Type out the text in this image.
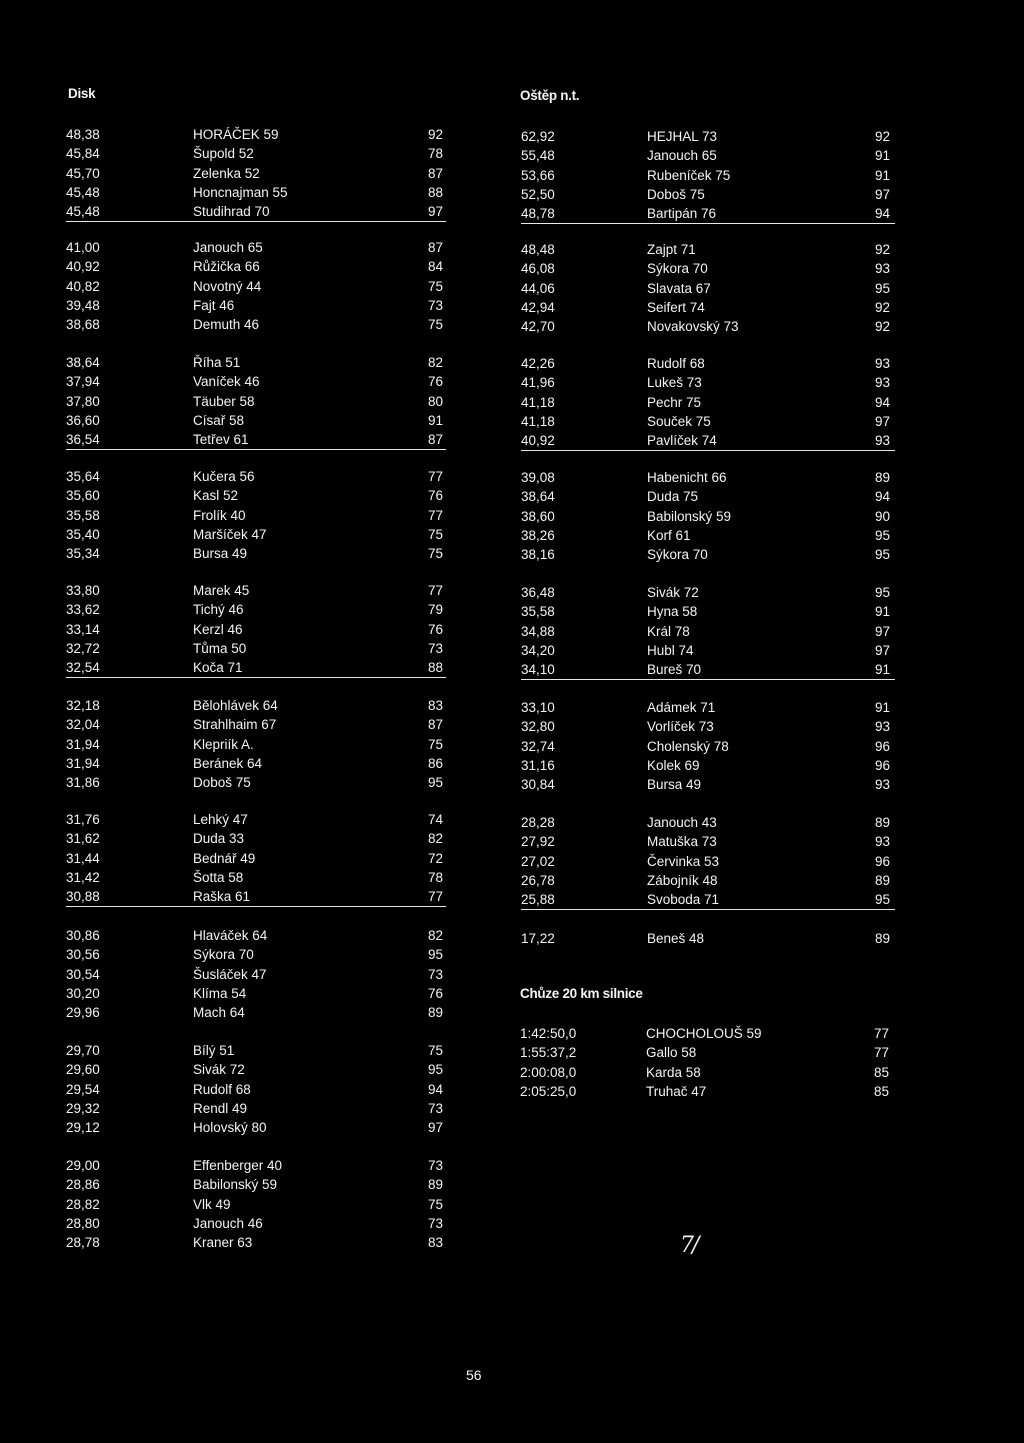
Disk	Oštěp n.t.
48,38	HORÁČEK 59	92
45,84	Šupold 52	78
45,70	Zelenka 52	87
45,48	Honcnajman 55	88
45,48	Studihrad 70	97
41,00	Janouch 65	87
40,92	Růžička 66	84
40,82	Novotný 44	75
39,48	Fajt 46	73
38,68	Demuth 46	75
38,64	Říha 51	82
37,94	Vaníček 46	76
37,80	Täuber 58	80
36,60	Císař 58	91
36,54	Tetřev 61	87
35,64	Kučera 56	77
35,60	Kasl 52	76
35,58	Frolík 40	77
35,40	Maršíček 47	75
35,34	Bursa 49	75
33,80	Marek 45	77
33,62	Tichý 46	79
33,14	Kerzl 46	76
32,72	Tůma 50	73
32,54	Koča 71	88
32,18	Bělohlávek 64	83
32,04	Strahlhaim 67	87
31,94	Klepriík A.	75
31,94	Beránek 64	86
31,86	Doboš 75	95
31,76	Lehký 47	74
31,62	Duda 33	82
31,44	Bednář 49	72
31,42	Šotta 58	78
30,88	Raška 61	77
30,86	Hlaváček 64	82
30,56	Sýkora 70	95
30,54	Šusláček 47	73
30,20	Klíma 54	76
29,96	Mach 64	89
29,70	Bílý 51	75
29,60	Sivák 72	95
29,54	Rudolf 68	94
29,32	Rendl 49	73
29,12	Holovský 80	97
29,00	Effenberger 40	73
28,86	Babilonský 59	89
28,82	Vlk 49	75
28,80	Janouch 46	73
28,78	Kraner 63	83
62,92	HEJHAL 73	92
55,48	Janouch 65	91
53,66	Rubeníček 75	91
52,50	Doboš 75	97
48,78	Bartipán 76	94
48,48	Zajpt 71	92
46,08	Sýkora 70	93
44,06	Slavata 67	95
42,94	Seifert 74	92
42,70	Novakovský 73	92
42,26	Rudolf 68	93
41,96	Lukeš 73	93
41,18	Pechr 75	94
41,18	Souček 75	97
40,92	Pavlíček 74	93
39,08	Habenicht 66	89
38,64	Duda 75	94
38,60	Babilonský 59	90
38,26	Korf 61	95
38,16	Sýkora 70	95
36,48	Sivák 72	95
35,58	Hyna 58	91
34,88	Král 78	97
34,20	Hubl 74	97
34,10	Bureš 70	91
33,10	Adámek 71	91
32,80	Vorlíček 73	93
32,74	Cholenský 78	96
31,16	Kolek 69	96
30,84	Bursa 49	93
28,28	Janouch 43	89
27,92	Matuška 73	93
27,02	Červinka 53	96
26,78	Zábojník 48	89
25,88	Svoboda 71	95
17,22	Beneš 48	89
Chůze 20 km silnice
1:42:50,0	CHOCHOLOUŠ 59	77
1:55:37,2	Gallo 58	77
2:00:08,0	Karda 58	85
2:05:25,0	Truhač 47	85
7/
56
